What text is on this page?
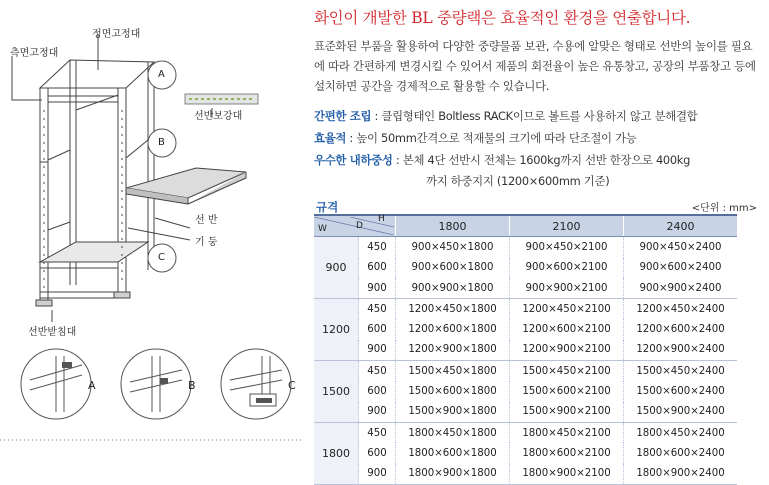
정면고정대
측면고정대
선반보강대
선 반
기 둥
선반받침대
A
B
C
A	B	C
화인이 개발한 BL 중량랙은 효율적인 환경을 연출합니다.
표준화된 부품을 활용하여 다양한 중량물품 보관, 수용에 알맞은 형태로 선반의 높이를 필요에 따라 간편하게 변경시킬 수 있어서 제품의 회전율이 높은 유통창고, 공장의 부품창고 등에 설치하면 공간을 경제적으로 활용할 수 있습니다.
간편한 조립 : 클립형태인 Boltless RACK이므로 볼트를 사용하지 않고 분해결합
효율적 : 높이 50mm간격으로 적재물의 크기에 따라 단조절이 가능
우수한 내하중성 : 본체 4단 선반시 전체는 1600kg까지 선반 한장으로 400kg
까지 하중지지 (1200×600mm 기준)
규격	<단위 : mm>
W D
H		1800	2100	2400
900	450	900×450×1800	900×450×2100	900×450×2400
	600	900×600×1800	900×600×2100	900×600×2400
	900	900×900×1800	900×900×2100	900×900×2400
1200	450	1200×450×1800	1200×450×2100	1200×450×2400
	600	1200×600×1800	1200×600×2100	1200×600×2400
	900	1200×900×1800	1200×900×2100	1200×900×2400
1500	450	1500×450×1800	1500×450×2100	1500×450×2400
	600	1500×600×1800	1500×600×2100	1500×600×2400
	900	1500×900×1800	1500×900×2100	1500×900×2400
1800	450	1800×450×1800	1800×450×2100	1800×450×2400
	600	1800×600×1800	1800×600×2100	1800×600×2400
	900	1800×900×1800	1800×900×2100	1800×900×2400
